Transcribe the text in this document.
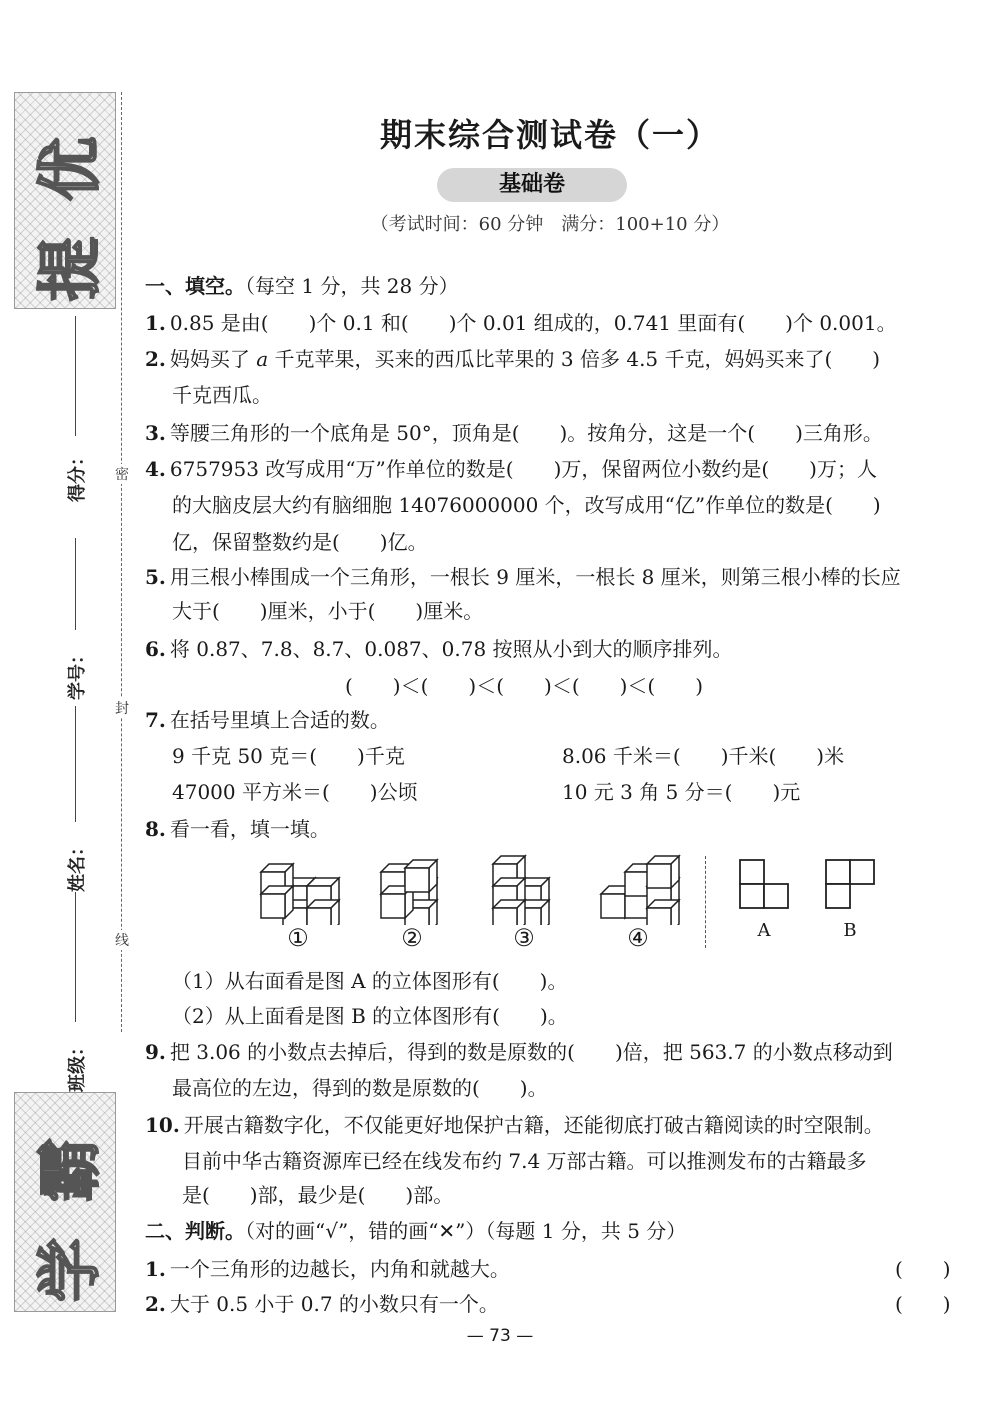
提优
学霸
得分：
学号：
姓名：
班级：
密
封
线
期末综合测试卷（一）
基础卷
（考试时间：60 分钟　满分：100+10 分）
一、填空。（每空 1 分，共 28 分）
1. 0.85 是由(　　)个 0.1 和(　　)个 0.01 组成的，0.741 里面有(　　)个 0.001。
2. 妈妈买了 a 千克苹果，买来的西瓜比苹果的 3 倍多 4.5 千克，妈妈买来了(　　)
千克西瓜。
3. 等腰三角形的一个底角是 50°，顶角是(　　)。按角分，这是一个(　　)三角形。
4. 6757953 改写成用“万”作单位的数是(　　)万，保留两位小数约是(　　)万；人
的大脑皮层大约有脑细胞 14076000000 个，改写成用“亿”作单位的数是(　　)
亿，保留整数约是(　　)亿。
5. 用三根小棒围成一个三角形，一根长 9 厘米，一根长 8 厘米，则第三根小棒的长应
大于(　　)厘米，小于(　　)厘米。
6. 将 0.87、7.8、8.7、0.087、0.78 按照从小到大的顺序排列。
(　　)＜(　　)＜(　　)＜(　　)＜(　　)
7. 在括号里填上合适的数。
9 千克 50 克＝(　　)千克	8.06 千米＝(　　)千米(　　)米
47000 平方米＝(　　)公顷	10 元 3 角 5 分＝(　　)元
8. 看一看，填一填。
①	②	③	④	A	B
（1）从右面看是图 A 的立体图形有(　　)。
（2）从上面看是图 B 的立体图形有(　　)。
9. 把 3.06 的小数点去掉后，得到的数是原数的(　　)倍，把 563.7 的小数点移动到
最高位的左边，得到的数是原数的(　　)。
10. 开展古籍数字化，不仅能更好地保护古籍，还能彻底打破古籍阅读的时空限制。
目前中华古籍资源库已经在线发布约 7.4 万部古籍。可以推测发布的古籍最多
是(　　)部，最少是(　　)部。
二、判断。（对的画“√”，错的画“✕”）（每题 1 分，共 5 分）
1. 一个三角形的边越长，内角和就越大。	(　　)
2. 大于 0.5 小于 0.7 的小数只有一个。	(　　)
— 73 —
